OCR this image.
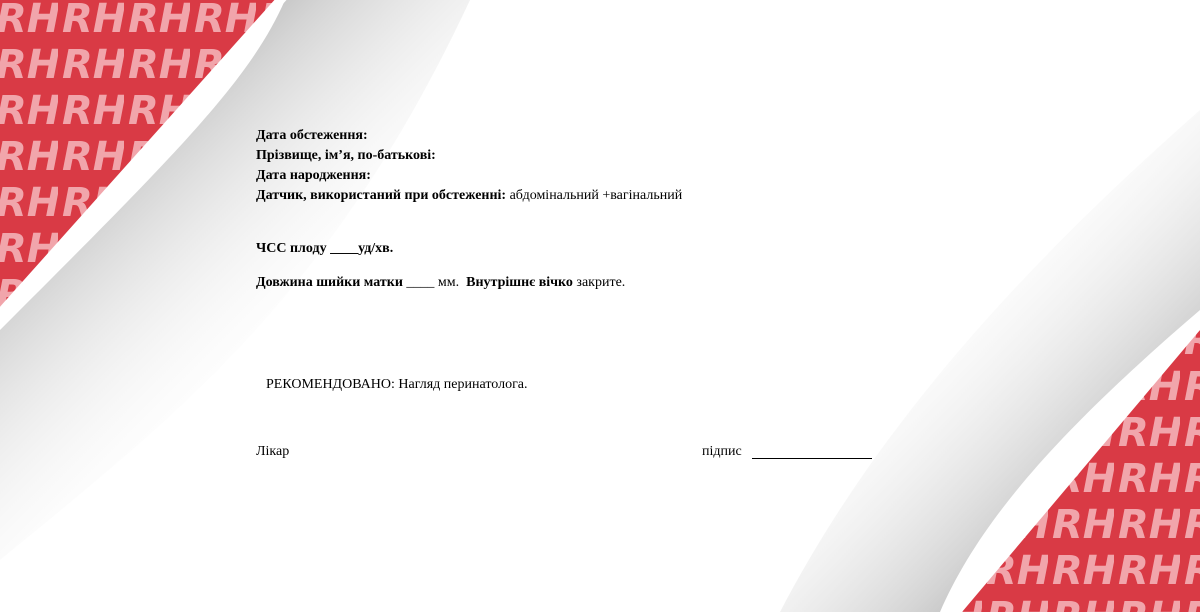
Дата обстеження:
Прізвище, ім’я, по-батькові:
Дата народження:
Датчик, використаний при обстеженні: абдомінальний +вагінальний
ЧСС плоду ____уд/хв.
Довжина шийки матки ____ мм.  Внутрішнє вічко закрите.
РЕКОМЕНДОВАНО: Нагляд перинатолога.
Лікар	підпис
